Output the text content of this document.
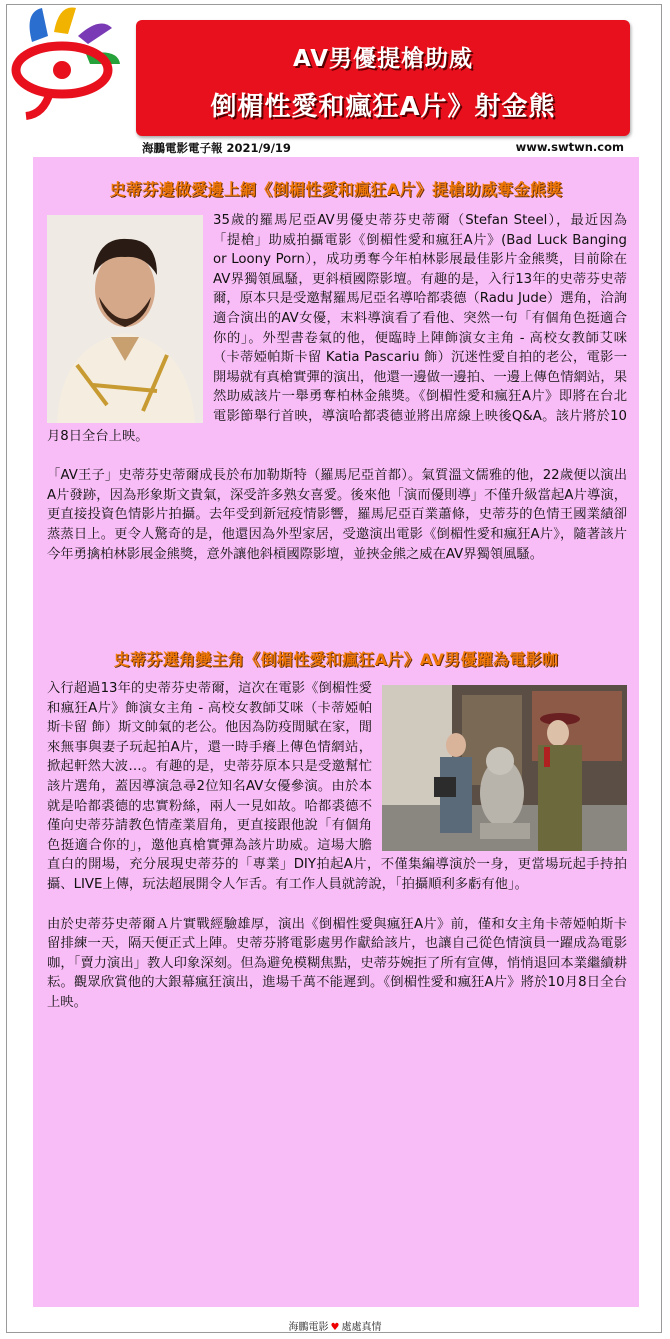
AV男優提槍助威
倒楣性愛和瘋狂A片》射金熊
海鵬電影電子報 2021/9/19	www.swtwn.com
史蒂芬邊做愛邊上網《倒楣性愛和瘋狂A片》提槍助威奪金熊獎

35歲的羅馬尼亞AV男優史蒂芬史蒂爾（Stefan Steel），最近因為「提槍」助威拍攝電影《倒楣性愛和瘋狂A片》(Bad Luck Banging or Loony Porn），成功勇奪今年柏林影展最佳影片金熊獎，目前除在AV界獨領風騷，更斜槓國際影壇。有趣的是，入行13年的史蒂芬史蒂爾，原本只是受邀幫羅馬尼亞名導哈都裘德（Radu Jude）選角，洽詢適合演出的AV女優，末料導演看了看他、突然一句「有個角色挺適合你的」。外型書卷氣的他，便臨時上陣飾演女主角 - 高校女教師艾咪（卡蒂婭帕斯卡留 Katia Pascariu 飾）沉迷性愛自拍的老公，電影一開場就有真槍實彈的演出，他還一邊做一邊拍、一邊上傳色情網站，果然助威該片一舉勇奪柏林金熊獎。《倒楣性愛和瘋狂A片》即將在台北電影節舉行首映，導演哈都裘德並將出席線上映後Q&A。該片將於10月8日全台上映。

「AV王子」史蒂芬史蒂爾成長於布加勒斯特（羅馬尼亞首都）。氣質溫文儒雅的他，22歲便以演出A片發跡，因為形象斯文貴氣，深受許多熟女喜愛。後來他「演而優則導」不僅升級當起A片導演，更直接投資色情影片拍攝。去年受到新冠疫情影響，羅馬尼亞百業蕭條，史蒂芬的色情王國業績卻蒸蒸日上。更令人驚奇的是，他還因為外型家居，受邀演出電影《倒楣性愛和瘋狂A片》，隨著該片今年勇擒柏林影展金熊獎，意外讓他斜槓國際影壇，並挾金熊之威在AV界獨領風騷。

史蒂芬選角變主角《倒楣性愛和瘋狂A片》AV男優躍為電影咖

入行超過13年的史蒂芬史蒂爾，這次在電影《倒楣性愛和瘋狂A片》飾演女主角 - 高校女教師艾咪（卡蒂婭帕斯卡留 飾）斯文帥氣的老公。他因為防疫閒賦在家，閒來無事與妻子玩起拍A片，還一時手癢上傳色情網站，掀起軒然大波…。有趣的是，史蒂芬原本只是受邀幫忙該片選角，蓋因導演急尋2位知名AV女優參演。由於本就是哈都裘德的忠實粉絲，兩人一見如故。哈都裘德不僅向史蒂芬請教色情產業眉角，更直接跟他說「有個角色挺適合你的」，邀他真槍實彈為該片助威。這場大膽直白的開場，充分展現史蒂芬的「專業」DIY拍起A片，不僅集編導演於一身，更當場玩起手持拍攝、LIVE上傳，玩法超展開令人乍舌。有工作人員就誇說，「拍攝順利多虧有他」。

由於史蒂芬史蒂爾Ａ片實戰經驗雄厚，演出《倒楣性愛與瘋狂A片》前，僅和女主角卡蒂婭帕斯卡留排練一天，隔天便正式上陣。史蒂芬將電影處男作獻給該片，也讓自己從色情演員一躍成為電影咖，「賣力演出」教人印象深刻。但為避免模糊焦點，史蒂芬婉拒了所有宣傳，悄悄退回本業繼續耕耘。觀眾欣賞他的大銀幕瘋狂演出，進場千萬不能遲到。《倒楣性愛和瘋狂A片》將於10月8日全台上映。

海鵬電影 ♥ 處處真情
